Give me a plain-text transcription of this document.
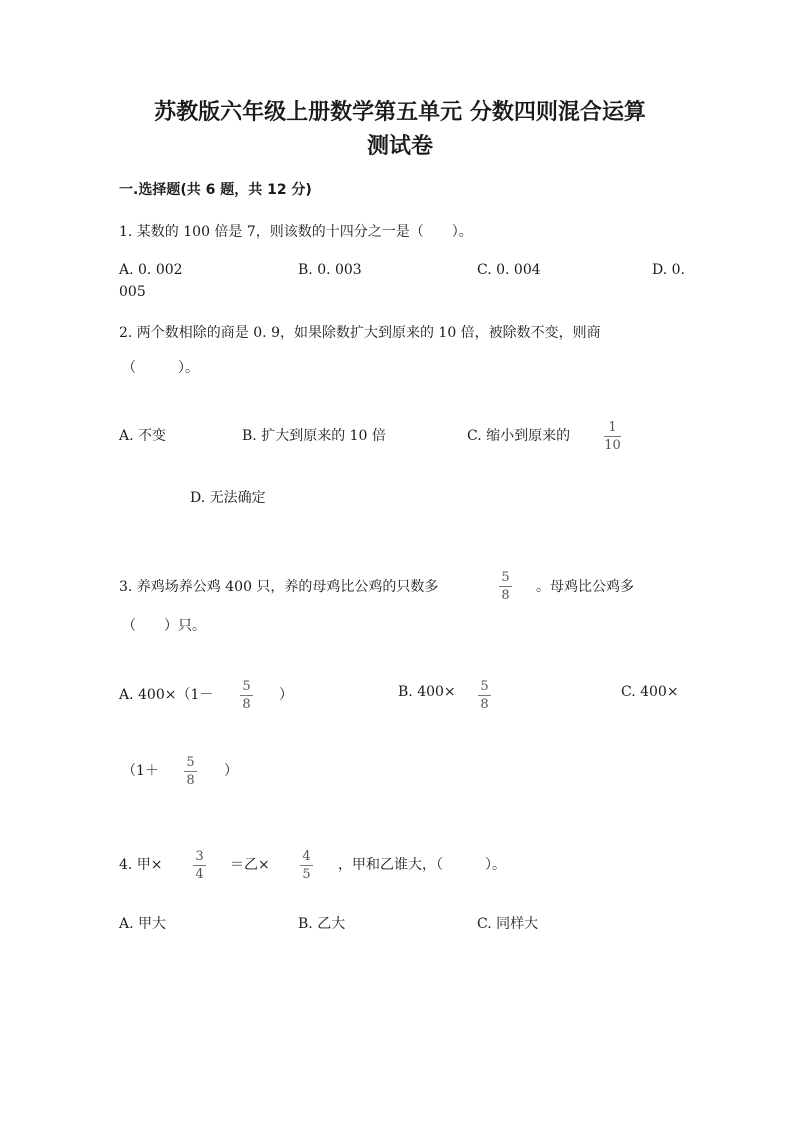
苏教版六年级上册数学第五单元 分数四则混合运算
测试卷
一.选择题(共 6 题，共 12 分)
1. 某数的 100 倍是 7，则该数的十四分之一是（　　）。
A. 0. 002	B. 0. 003	C. 0. 004	D. 0.
005
2. 两个数相除的商是 0. 9，如果除数扩大到原来的 10 倍，被除数不变，则商
（　　　）。
A. 不变	B. 扩大到原来的 10 倍	C. 缩小到原来的
1
10
D. 无法确定
3. 养鸡场养公鸡 400 只，养的母鸡比公鸡的只数多
5
8
。母鸡比公鸡多
（　　）只。
A. 400×（1－
5
8
）	B. 400× 5
8
C. 400×
（1＋
5
8
）
4. 甲×
3
4
＝乙×
4
5
，甲和乙谁大，（　　　）。
A. 甲大	B. 乙大	C. 同样大
